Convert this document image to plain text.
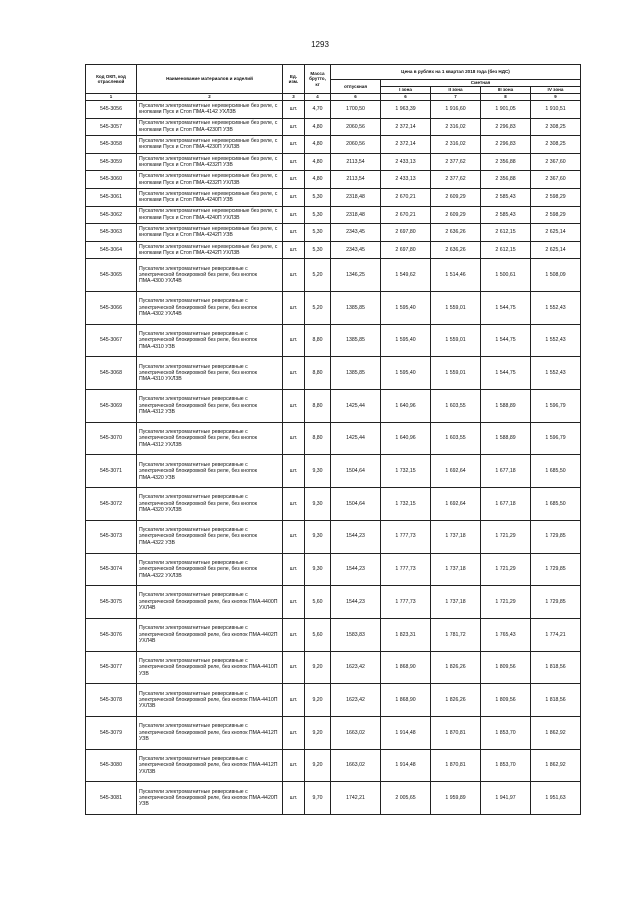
1293
Код ОКП, код отраслевой	Наименование материалов и изделий	Ед. изм.	Масса брутто, кг	Цена в рублях на 1 квартал 2018 года (без НДС)				
				отпускная	Сметная			
					I зона	II зона	III зона	IV зона
1	2	3	4	6	6	7	8	9
545-3056	Пускатели электромагнитные нереверсивные без реле, с кнопками Пуск и Стоп ПМА-4142 УХЛ3В	шт.	4,70	1700,50	1 963,39	1 916,60	1 901,05	1 910,51
545-3057	Пускатели электромагнитные нереверсивные без реле, с кнопками Пуск и Стоп ПМА-4230П УЗВ	шт.	4,80	2060,56	2 372,14	2 316,02	2 296,83	2 308,25
545-3058	Пускатели электромагнитные нереверсивные без реле, с кнопками Пуск и Стоп ПМА-4230П УХЛ3В	шт.	4,80	2060,56	2 372,14	2 316,02	2 296,83	2 308,25
545-3059	Пускатели электромагнитные нереверсивные без реле, с кнопками Пуск и Стоп ПМА-4232П УЗВ	шт.	4,80	2113,54	2 433,13	2 377,62	2 356,88	2 367,60
545-3060	Пускатели электромагнитные нереверсивные без реле, с кнопками Пуск и Стоп ПМА-4232П УХЛ3В	шт.	4,80	2113,54	2 433,13	2 377,62	2 356,88	2 367,60
545-3061	Пускатели электромагнитные нереверсивные без реле, с кнопками Пуск и Стоп ПМА-4240П УЗВ	шт.	5,30	2318,48	2 670,21	2 609,29	2 585,43	2 598,29
545-3062	Пускатели электромагнитные нереверсивные без реле, с кнопками Пуск и Стоп ПМА-4240П УХЛ3В	шт.	5,30	2318,48	2 670,21	2 609,29	2 585,43	2 598,29
545-3063	Пускатели электромагнитные нереверсивные без реле, с кнопками Пуск и Стоп ПМА-4242П УЗВ	шт.	5,30	2343,45	2 697,80	2 636,26	2 612,15	2 625,14
545-3064	Пускатели электромагнитные нереверсивные без реле, с кнопками Пуск и Стоп ПМА-4242П УХЛ3В	шт.	5,30	2343,45	2 697,80	2 636,26	2 612,15	2 625,14
545-3065	Пускатели электромагнитные реверсивные с электрической блокировкой без реле, без кнопок ПМА-4300 УХЛ4В	шт.	5,20	1346,25	1 549,62	1 514,46	1 500,61	1 508,09
545-3066	Пускатели электромагнитные реверсивные с электрической блокировкой без реле, без кнопок ПМА-4302 УХЛ4В	шт.	5,20	1385,85	1 595,40	1 559,01	1 544,75	1 552,43
545-3067	Пускатели электромагнитные реверсивные с электрической блокировкой без реле, без кнопок ПМА-4310 УЗВ	шт.	8,80	1385,85	1 595,40	1 559,01	1 544,75	1 552,43
545-3068	Пускатели электромагнитные реверсивные с электрической блокировкой без реле, без кнопок ПМА-4310 УХЛ3В	шт.	8,80	1385,85	1 595,40	1 559,01	1 544,75	1 552,43
545-3069	Пускатели электромагнитные реверсивные с электрической блокировкой без реле, без кнопок ПМА-4312 УЗВ	шт.	8,80	1425,44	1 640,96	1 603,55	1 588,89	1 596,79
545-3070	Пускатели электромагнитные реверсивные с электрической блокировкой без реле, без кнопок ПМА-4312 УХЛ3В	шт.	8,80	1425,44	1 640,96	1 603,55	1 588,89	1 596,79
545-3071	Пускатели электромагнитные реверсивные с электрической блокировкой без реле, без кнопок ПМА-4320 УЗВ	шт.	9,30	1504,64	1 732,15	1 692,64	1 677,18	1 685,50
545-3072	Пускатели электромагнитные реверсивные с электрической блокировкой без реле, без кнопок ПМА-4320 УХЛ3В	шт.	9,30	1504,64	1 732,15	1 692,64	1 677,18	1 685,50
545-3073	Пускатели электромагнитные реверсивные с электрической блокировкой без реле, без кнопок ПМА-4322 УЗВ	шт.	9,30	1544,23	1 777,73	1 737,18	1 721,29	1 729,85
545-3074	Пускатели электромагнитные реверсивные с электрической блокировкой без реле, без кнопок ПМА-4322 УХЛ3В	шт.	9,30	1544,23	1 777,73	1 737,18	1 721,29	1 729,85
545-3075	Пускатели электромагнитные реверсивные с электрической блокировкой реле, без кнопок ПМА-4400П УХЛ4В	шт.	5,60	1544,23	1 777,73	1 737,18	1 721,29	1 729,85
545-3076	Пускатели электромагнитные реверсивные с электрической блокировкой реле, без кнопок ПМА-4402П УХЛ4В	шт.	5,60	1583,83	1 823,31	1 781,72	1 765,43	1 774,21
545-3077	Пускатели электромагнитные реверсивные с электрической блокировкой реле, без кнопок ПМА-4410П УЗВ	шт.	9,20	1623,42	1 868,90	1 826,26	1 809,56	1 818,56
545-3078	Пускатели электромагнитные реверсивные с электрической блокировкой реле, без кнопок ПМА-4410П УХЛ3В	шт.	9,20	1623,42	1 868,90	1 826,26	1 809,56	1 818,56
545-3079	Пускатели электромагнитные реверсивные с электрической блокировкой реле, без кнопок ПМА-4412П УЗВ	шт.	9,20	1663,02	1 914,48	1 870,81	1 853,70	1 862,92
545-3080	Пускатели электромагнитные реверсивные с электрической блокировкой реле, без кнопок ПМА-4412П УХЛ3В	шт.	9,20	1663,02	1 914,48	1 870,81	1 853,70	1 862,92
545-3081	Пускатели электромагнитные реверсивные с электрической блокировкой реле, без кнопок ПМА-4420П УЗВ	шт.	9,70	1742,21	2 005,65	1 959,89	1 941,97	1 951,63
